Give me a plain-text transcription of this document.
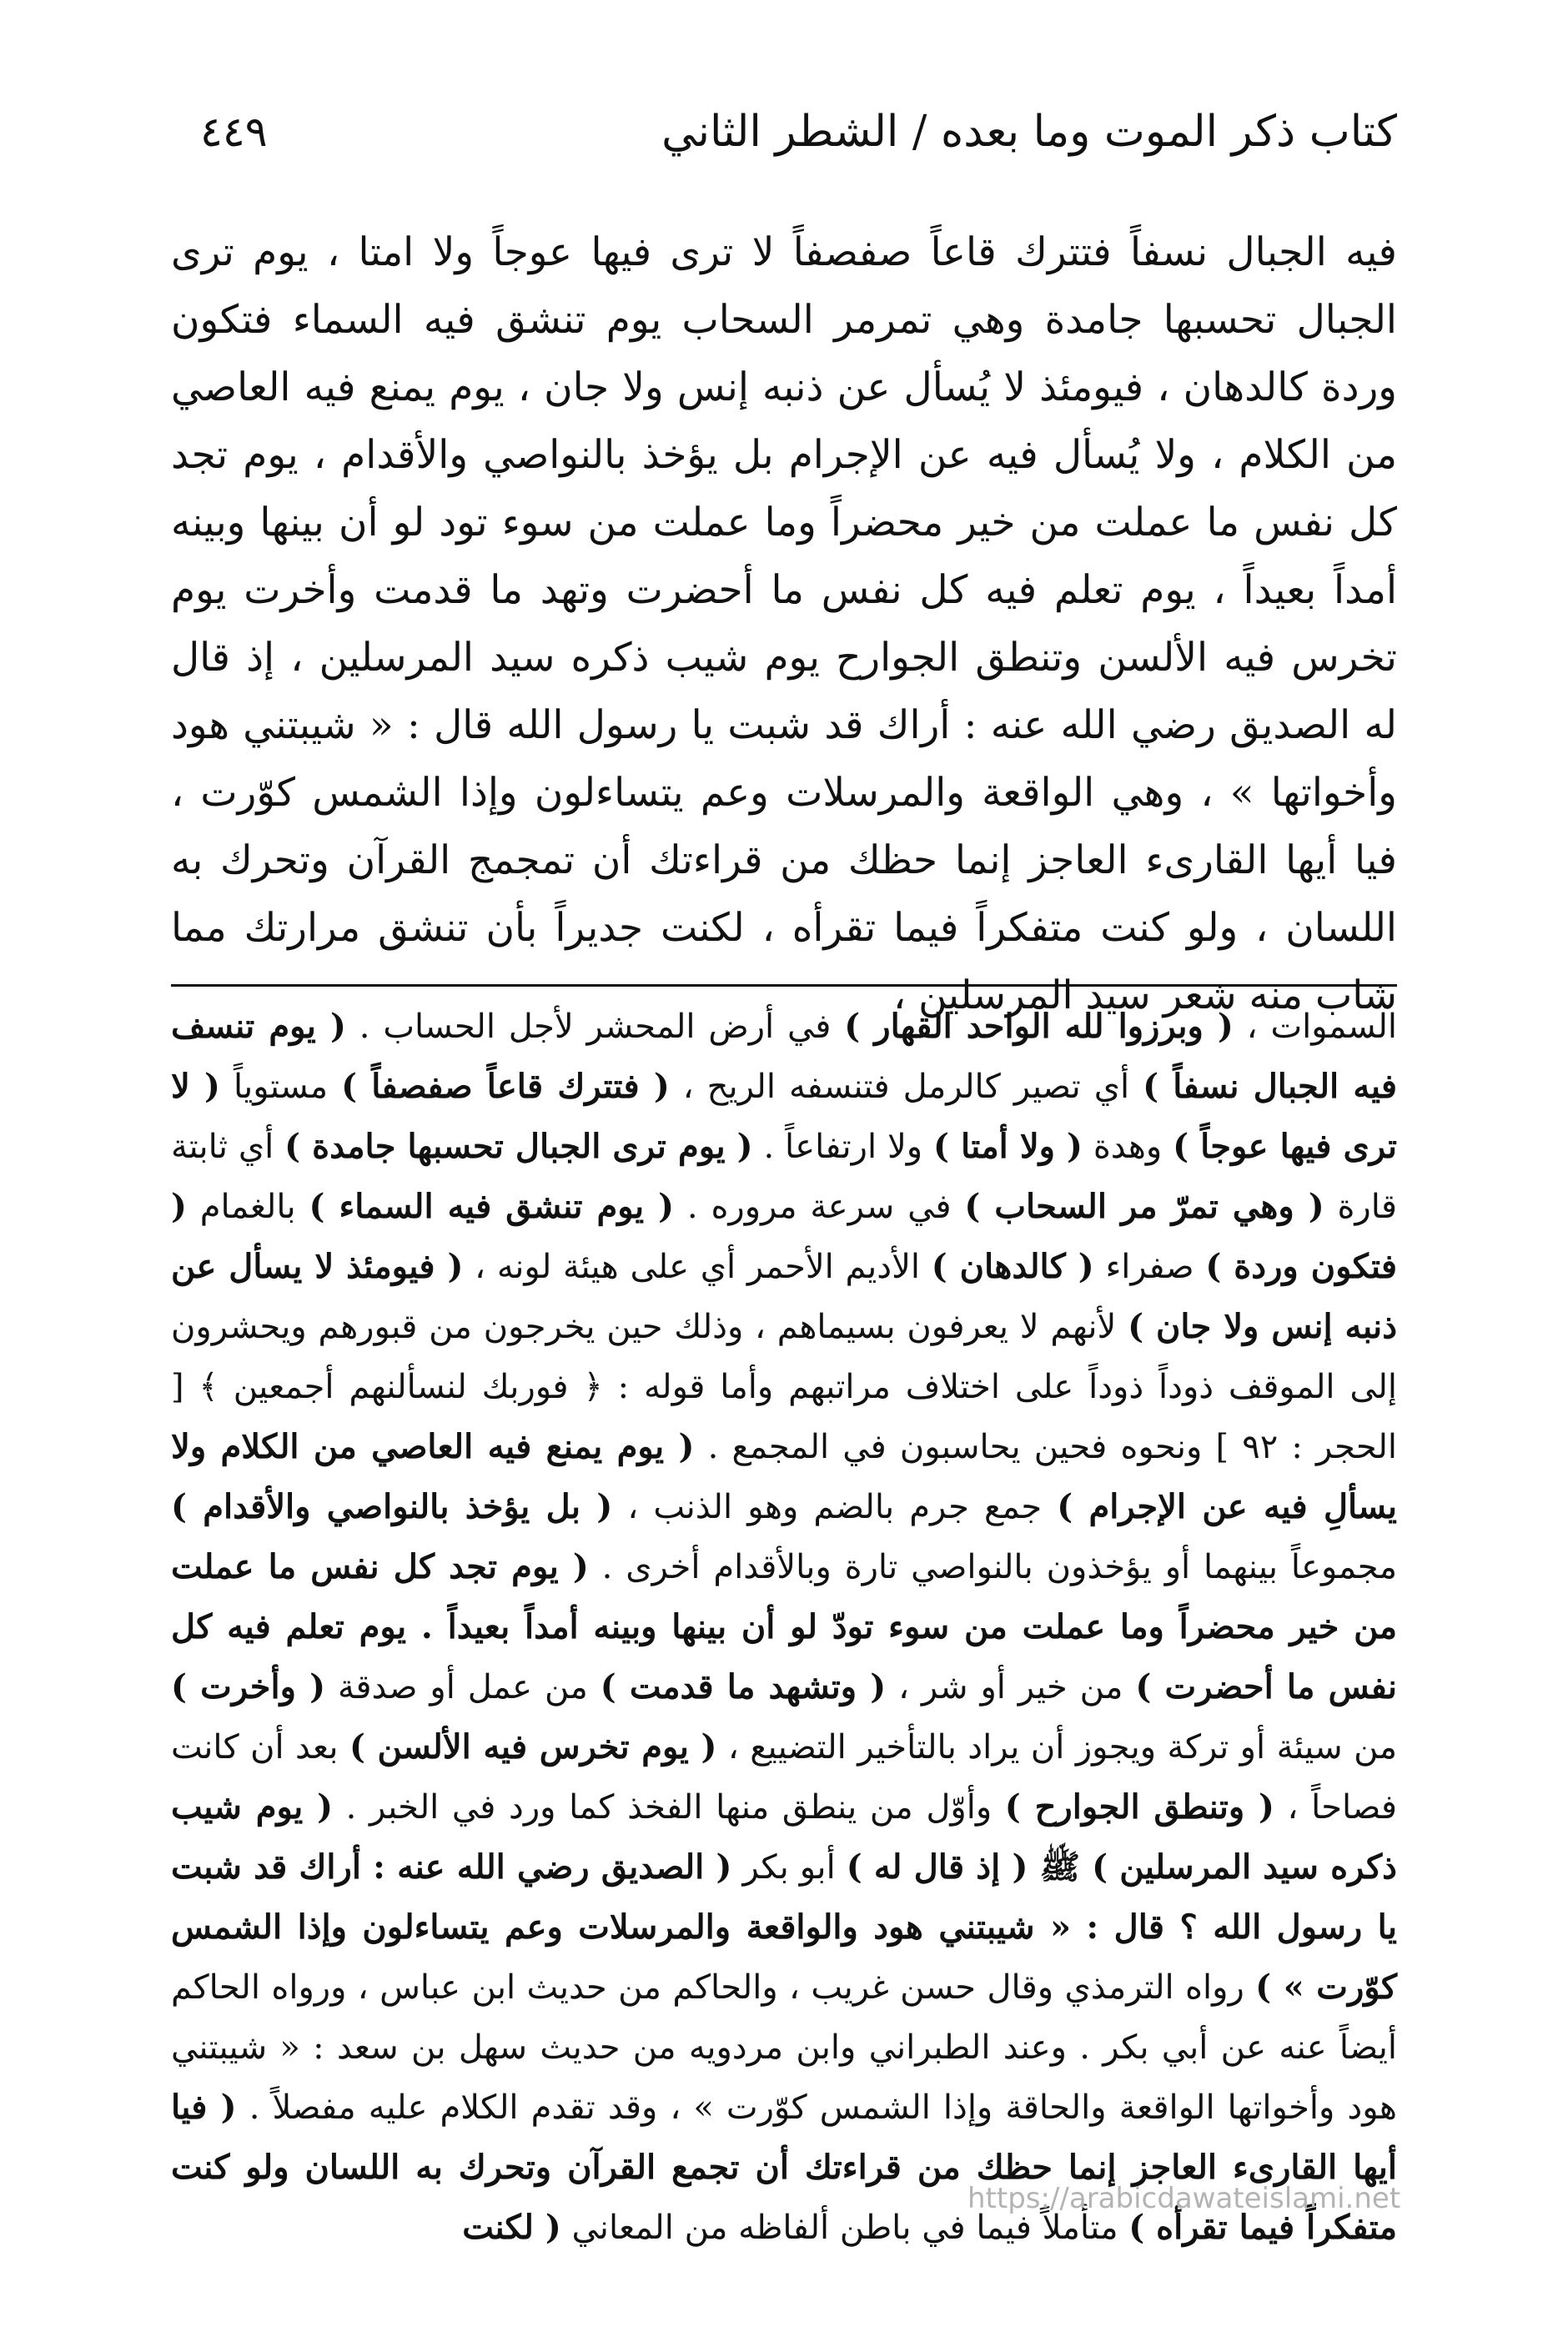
كتاب ذكر الموت وما بعده / الشطر الثاني
٤٤٩

فيه الجبال نسفاً فتترك قاعاً صفصفاً لا ترى فيها عوجاً ولا امتا ، يوم ترى الجبال تحسبها جامدة وهي تمرمر السحاب يوم تنشق فيه السماء فتكون وردة كالدهان ، فيومئذ لا يُسأل عن ذنبه إنس ولا جان ، يوم يمنع فيه العاصي من الكلام ، ولا يُسأل فيه عن الإجرام بل يؤخذ بالنواصي والأقدام ، يوم تجد كل نفس ما عملت من خير محضراً وما عملت من سوء تود لو أن بينها وبينه أمداً بعيداً ، يوم تعلم فيه كل نفس ما أحضرت وتهد ما قدمت وأخرت يوم تخرس فيه الألسن وتنطق الجوارح يوم شيب ذكره سيد المرسلين ، إذ قال له الصديق رضي الله عنه : أراك قد شبت يا رسول الله قال : « شيبتني هود وأخواتها » ، وهي الواقعة والمرسلات وعم يتساءلون وإذا الشمس كوّرت ، فيا أيها القارىء العاجز إنما حظك من قراءتك أن تمجمج القرآن وتحرك به اللسان ، ولو كنت متفكراً فيما تقرأه ، لكنت جديراً بأن تنشق مرارتك مما شاب منه شعر سيد المرسلين ،

السموات ، ( وبرزوا لله الواحد القهار ) في أرض المحشر لأجل الحساب . ( يوم تنسف فيه الجبال نسفاً ) أي تصير كالرمل فتنسفه الريح ، ( فتترك قاعاً صفصفاً ) مستوياً ( لا ترى فيها عوجاً ) وهدة ( ولا أمتا ) ولا ارتفاعاً . ( يوم ترى الجبال تحسبها جامدة ) أي ثابتة قارة ( وهي تمرّ مر السحاب ) في سرعة مروره . ( يوم تنشق فيه السماء ) بالغمام ( فتكون وردة ) صفراء ( كالدهان ) الأديم الأحمر أي على هيئة لونه ، ( فيومئذ لا يسأل عن ذنبه إنس ولا جان ) لأنهم لا يعرفون بسيماهم ، وذلك حين يخرجون من قبورهم ويحشرون إلى الموقف ذوداً ذوداً على اختلاف مراتبهم وأما قوله : ﴿ فوربك لنسألنهم أجمعين ﴾ [ الحجر : ٩٢ ] ونحوه فحين يحاسبون في المجمع . ( يوم يمنع فيه العاصي من الكلام ولا يسألِ فيه عن الإجرام ) جمع جرم بالضم وهو الذنب ، ( بل يؤخذ بالنواصي والأقدام ) مجموعاً بينهما أو يؤخذون بالنواصي تارة وبالأقدام أخرى . ( يوم تجد كل نفس ما عملت من خير محضراً وما عملت من سوء تودّ لو أن بينها وبينه أمداً بعيداً . يوم تعلم فيه كل نفس ما أحضرت ) من خير أو شر ، ( وتشهد ما قدمت ) من عمل أو صدقة ( وأخرت ) من سيئة أو تركة ويجوز أن يراد بالتأخير التضييع ، ( يوم تخرس فيه الألسن ) بعد أن كانت فصاحاً ، ( وتنطق الجوارح ) وأوّل من ينطق منها الفخذ كما ورد في الخبر . ( يوم شيب ذكره سيد المرسلين ) ﷺ ( إذ قال له ) أبو بكر ( الصديق رضي الله عنه : أراك قد شبت يا رسول الله ؟ قال : « شيبتني هود والواقعة والمرسلات وعم يتساءلون وإذا الشمس كوّرت » ) رواه الترمذي وقال حسن غريب ، والحاكم من حديث ابن عباس ، ورواه الحاكم أيضاً عنه عن أبي بكر . وعند الطبراني وابن مردويه من حديث سهل بن سعد : « شيبتني هود وأخواتها الواقعة والحاقة وإذا الشمس كوّرت » ، وقد تقدم الكلام عليه مفصلاً . ( فيا أيها القارىء العاجز إنما حظك من قراءتك أن تجمع القرآن وتحرك به اللسان ولو كنت متفكراً فيما تقرأه ) متأملاً فيما في باطن ألفاظه من المعاني ( لكنت

https://arabicdawateislami.net
